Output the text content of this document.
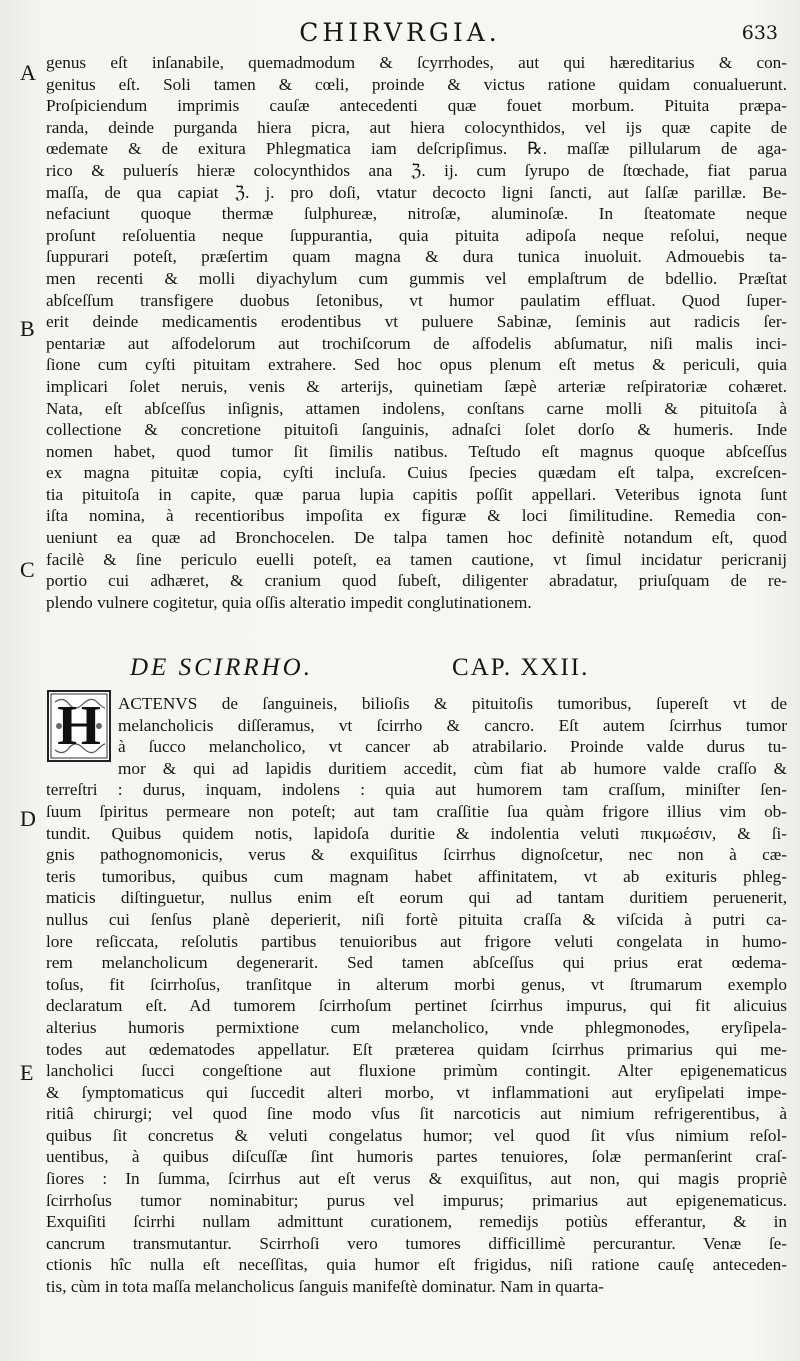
CHIRVRGIA.	633
A
B
C
D
E
genus eſt inſanabile, quemadmodum & ſcyrrhodes, aut qui hæreditarius & con-
genitus eſt. Soli tamen & cœli, proinde & victus ratione quidam conualuerunt.
Proſpiciendum imprimis cauſæ antecedenti quæ fouet morbum. Pituita præpa-
randa, deinde purganda hiera picra, aut hiera colocynthidos, vel ijs quæ capite de
œdemate & de exitura Phlegmatica iam deſcripſimus. ℞. maſſæ pillularum de aga-
rico & puluerís hieræ colocynthidos ana ℨ. ij. cum ſyrupo de ſtœchade, fiat parua
maſſa, de qua capiat ℨ. j. pro doſi, vtatur decocto ligni ſancti, aut ſalſæ parillæ. Be-
nefaciunt quoque thermæ ſulphureæ, nitroſæ, aluminoſæ. In ſteatomate neque
proſunt reſoluentia neque ſuppurantia, quia pituita adipoſa neque reſolui, neque
ſuppurari poteſt, præſertim quam magna & dura tunica inuoluit. Admouebis ta-
men recenti & molli diyachylum cum gummis vel emplaſtrum de bdellio. Præſtat
abſceſſum transfigere duobus ſetonibus, vt humor paulatim effluat. Quod ſuper-
erit deinde medicamentis erodentibus vt puluere Sabinæ, ſeminis aut radicis ſer-
pentariæ aut aſfodelorum aut trochiſcorum de aſfodelis abſumatur, niſi malis inci-
ſione cum cyſti pituitam extrahere. Sed hoc opus plenum eſt metus & periculi, quia
implicari ſolet neruis, venis & arterijs, quinetiam ſæpè arteriæ reſpiratoriæ cohæret.
Nata, eſt abſceſſus inſignis, attamen indolens, conſtans carne molli & pituitoſa à
collectione & concretione pituitoſi ſanguinis, adnaſci ſolet dorſo & humeris. Inde
nomen habet, quod tumor ſit ſimilis natibus. Teſtudo eſt magnus quoque abſceſſus
ex magna pituitæ copia, cyſti incluſa. Cuius ſpecies quædam eſt talpa, excreſcen-
tia pituitoſa in capite, quæ parua lupia capitis poſſit appellari. Veteribus ignota ſunt
iſta nomina, à recentioribus impoſita ex figuræ & loci ſimilitudine. Remedia con-
ueniunt ea quæ ad Bronchocelen. De talpa tamen hoc definitè notandum eſt, quod
facilè & ſine periculo euelli poteſt, ea tamen cautione, vt ſimul incidatur pericranij
portio cui adhæret, & cranium quod ſubeſt, diligenter abradatur, priuſquam de re-
plendo vulnere cogitetur, quia oſſis alteratio impedit conglutinationem.
DE SCIRRHO.	CAP. XXII.
H	ACTENVS de ſanguineis, bilioſis & pituitoſis tumoribus, ſupereſt vt de
melancholicis diſſeramus, vt ſcirrho & cancro. Eſt autem ſcirrhus tumor
à ſucco melancholico, vt cancer ab atrabilario. Proinde valde durus tu-
mor & qui ad lapidis duritiem accedit, cùm fiat ab humore valde craſſo &
terreſtri : durus, inquam, indolens : quia aut humorem tam craſſum, miniſter ſen-
ſuum ſpiritus permeare non poteſt; aut tam craſſitie ſua quàm frigore illius vim ob-
tundit. Quibus quidem notis, lapidoſa duritie & indolentia veluti πικμωέσιν, & ſi-
gnis pathognomonicis, verus & exquiſitus ſcirrhus dignoſcetur, nec non à cæ-
teris tumoribus, quibus cum magnam habet affinitatem, vt ab exituris phleg-
maticis diſtinguetur, nullus enim eſt eorum qui ad tantam duritiem peruenerit,
nullus cui ſenſus planè deperierit, niſi fortè pituita craſſa & viſcida à putri ca-
lore reſiccata, reſolutis partibus tenuioribus aut frigore veluti congelata in humo-
rem melancholicum degenerarit. Sed tamen abſceſſus qui prius erat œdema-
toſus, fit ſcirrhoſus, tranſitque in alterum morbi genus, vt ſtrumarum exemplo
declaratum eſt. Ad tumorem ſcirrhoſum pertinet ſcirrhus impurus, qui fit alicuius
alterius humoris permixtione cum melancholico, vnde phlegmonodes, eryſipela-
todes aut œdematodes appellatur. Eſt præterea quidam ſcirrhus primarius qui me-
lancholici ſucci congeſtione aut fluxione primùm contingit. Alter epigenematicus
& ſymptomaticus qui ſuccedit alteri morbo, vt inflammationi aut eryſipelati impe-
ritiâ chirurgi; vel quod ſine modo vſus ſit narcoticis aut nimium refrigerentibus, à
quibus ſit concretus & veluti congelatus humor; vel quod ſit vſus nimium reſol-
uentibus, à quibus diſcuſſæ ſint humoris partes tenuiores, ſolæ permanſerint craſ-
ſiores : In ſumma, ſcirrhus aut eſt verus & exquiſitus, aut non, qui magis propriè
ſcirrhoſus tumor nominabitur; purus vel impurus; primarius aut epigenematicus.
Exquiſiti ſcirrhi nullam admittunt curationem, remedijs potiùs efferantur, & in
cancrum transmutantur. Scirrhoſi vero tumores difficillimè percurantur. Venæ ſe-
ctionis hîc nulla eſt neceſſitas, quia humor eſt frigidus, niſi ratione cauſę anteceden-
tis, cùm in tota maſſa melancholicus ſanguis manifeſtè dominatur. Nam in quarta-
